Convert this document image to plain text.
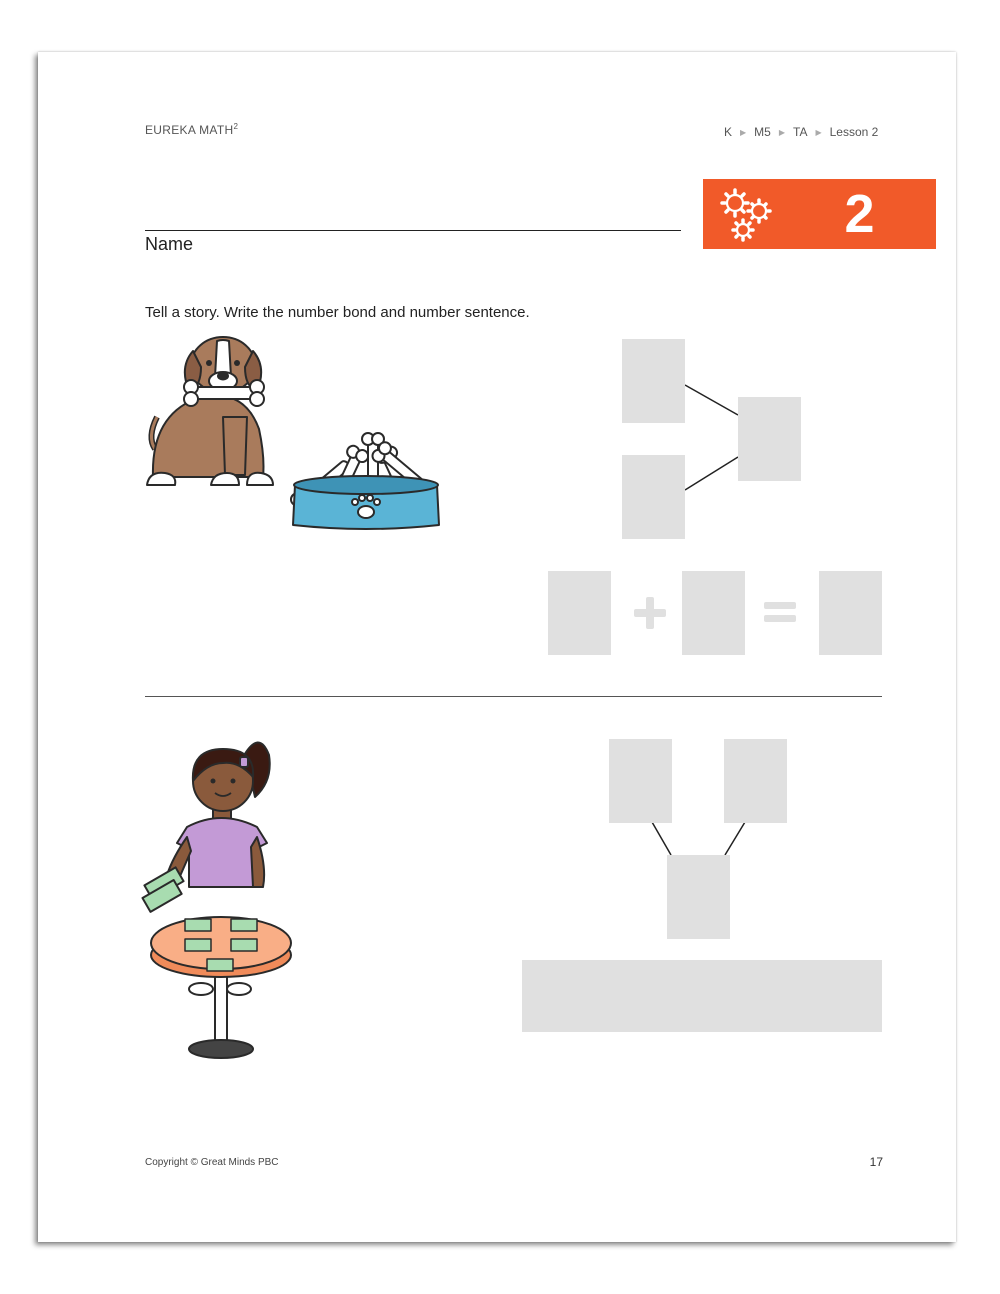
EUREKA MATH$^2$	K ▶ M5 ▶ TA ▶ Lesson 2
Name	2
Tell a story. Write the number bond and number sentence.
Copyright © Great Minds PBC	17
